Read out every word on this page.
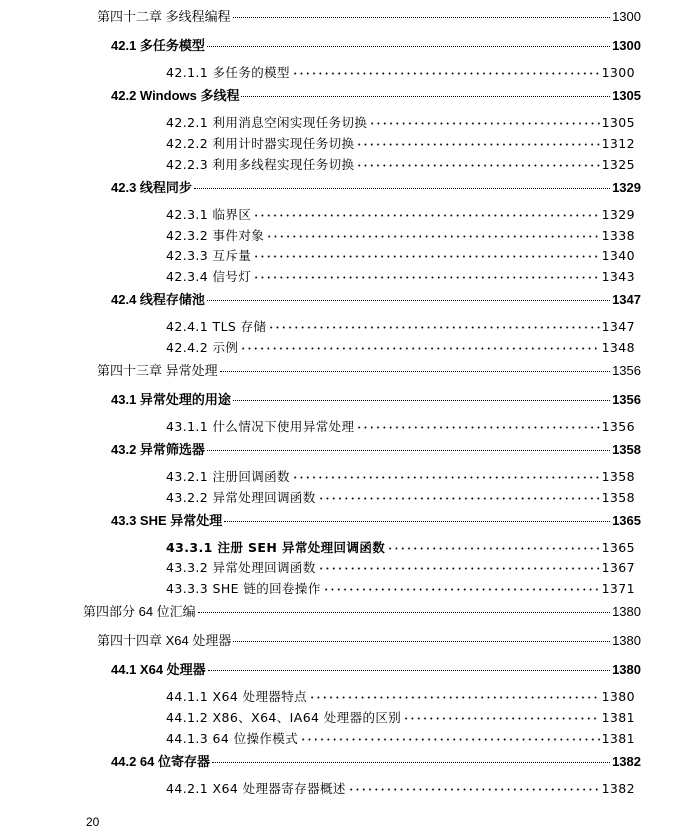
第四十二章 多线程编程	1300
42.1 多任务模型	1300
42.1.1 多任务的模型	1300
42.2 Windows 多线程	1305
42.2.1 利用消息空闲实现任务切换	1305
42.2.2 利用计时器实现任务切换	1312
42.2.3 利用多线程实现任务切换	1325
42.3 线程同步	1329
42.3.1 临界区	1329
42.3.2 事件对象	1338
42.3.3 互斥量	1340
42.3.4 信号灯	1343
42.4 线程存储池	1347
42.4.1 TLS 存储	1347
42.4.2 示例	1348
第四十三章 异常处理	1356
43.1 异常处理的用途	1356
43.1.1 什么情况下使用异常处理	1356
43.2 异常筛选器	1358
43.2.1 注册回调函数	1358
43.2.2 异常处理回调函数	1358
43.3 SHE 异常处理	1365
43.3.1 注册 SEH 异常处理回调函数	1365
43.3.2 异常处理回调函数	1367
43.3.3 SHE 链的回卷操作	1371
第四部分 64 位汇编	1380
第四十四章 X64 处理器	1380
44.1 X64 处理器	1380
44.1.1 X64 处理器特点	1380
44.1.2 X86、X64、IA64 处理器的区别	1381
44.1.3 64 位操作模式	1381
44.2 64 位寄存器	1382
44.2.1 X64 处理器寄存器概述	1382
20
